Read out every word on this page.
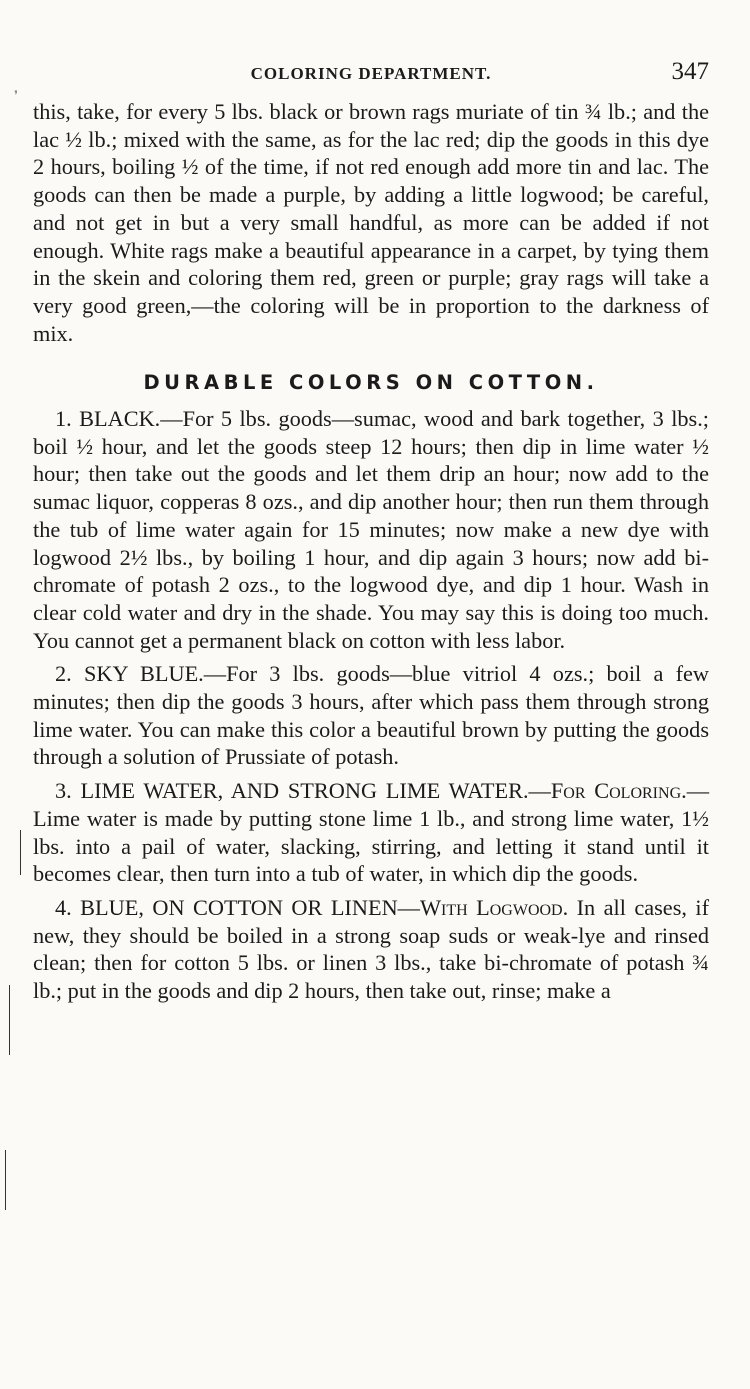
❜
COLORING DEPARTMENT.	347

this, take, for every 5 lbs. black or brown rags muriate of tin ¾ lb.; and the lac ½ lb.; mixed with the same, as for the lac red; dip the goods in this dye 2 hours, boiling ½ of the time, if not red enough add more tin and lac. The goods can then be made a purple, by adding a little logwood; be careful, and not get in but a very small handful, as more can be added if not enough. White rags make a beautiful appearance in a carpet, by tying them in the skein and coloring them red, green or purple; gray rags will take a very good green,—the coloring will be in proportion to the darkness of mix.

DURABLE COLORS ON COTTON.

1. BLACK.—For 5 lbs. goods—sumac, wood and bark together, 3 lbs.; boil ½ hour, and let the goods steep 12 hours; then dip in lime water ½ hour; then take out the goods and let them drip an hour; now add to the sumac liquor, copperas 8 ozs., and dip another hour; then run them through the tub of lime water again for 15 minutes; now make a new dye with logwood 2½ lbs., by boiling 1 hour, and dip again 3 hours; now add bi-chromate of potash 2 ozs., to the logwood dye, and dip 1 hour. Wash in clear cold water and dry in the shade. You may say this is doing too much. You cannot get a permanent black on cotton with less labor.

2. SKY BLUE.—For 3 lbs. goods—blue vitriol 4 ozs.; boil a few minutes; then dip the goods 3 hours, after which pass them through strong lime water. You can make this color a beautiful brown by putting the goods through a solution of Prussiate of potash.

3. LIME WATER, AND STRONG LIME WATER.—For Coloring.—Lime water is made by putting stone lime 1 lb., and strong lime water, 1½ lbs. into a pail of water, slacking, stirring, and letting it stand until it becomes clear, then turn into a tub of water, in which dip the goods.

4. BLUE, ON COTTON OR LINEN—With Logwood. In all cases, if new, they should be boiled in a strong soap suds or weak-lye and rinsed clean; then for cotton 5 lbs. or linen 3 lbs., take bi-chromate of potash ¾ lb.; put in the goods and dip 2 hours, then take out, rinse; make a
